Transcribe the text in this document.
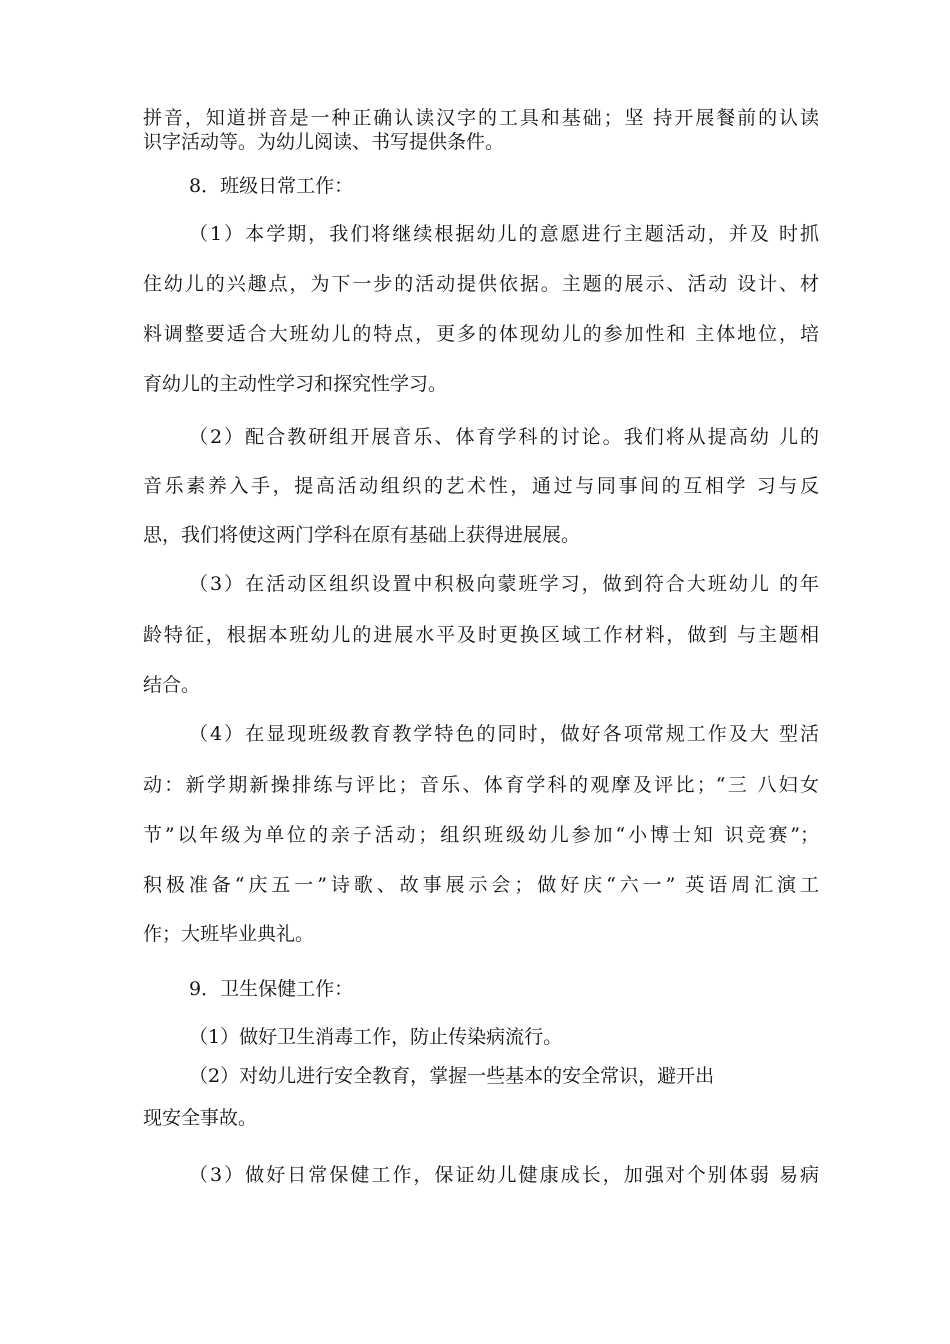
拼音，知道拼音是一种正确认读汉字的工具和基础；坚 持开展餐前的认读
识字活动等。为幼儿阅读、书写提供条件。
8．班级日常工作：
（1）本学期，我们将继续根据幼儿的意愿进行主题活动，并及 时抓
住幼儿的兴趣点，为下一步的活动提供依据。主题的展示、活动 设计、材
料调整要适合大班幼儿的特点，更多的体现幼儿的参加性和 主体地位，培
育幼儿的主动性学习和探究性学习。
（2）配合教研组开展音乐、体育学科的讨论。我们将从提高幼 儿的
音乐素养入手，提高活动组织的艺术性，通过与同事间的互相学 习与反
思，我们将使这两门学科在原有基础上获得进展展。
（3）在活动区组织设置中积极向蒙班学习，做到符合大班幼儿 的年
龄特征，根据本班幼儿的进展水平及时更换区域工作材料，做到 与主题相
结合。
（4）在显现班级教育教学特色的同时，做好各项常规工作及大 型活
动：新学期新操排练与评比；音乐、体育学科的观摩及评比；“三 八妇女
节”以年级为单位的亲子活动；组织班级幼儿参加“小博士知 识竞赛”；
积极准备“庆五一”诗歌、故事展示会；做好庆“六一” 英语周汇演工
作；大班毕业典礼。
9．卫生保健工作：
（1）做好卫生消毒工作，防止传染病流行。
（2）对幼儿进行安全教育，掌握一些基本的安全常识，避开出
现安全事故。
（3）做好日常保健工作，保证幼儿健康成长，加强对个别体弱 易病
